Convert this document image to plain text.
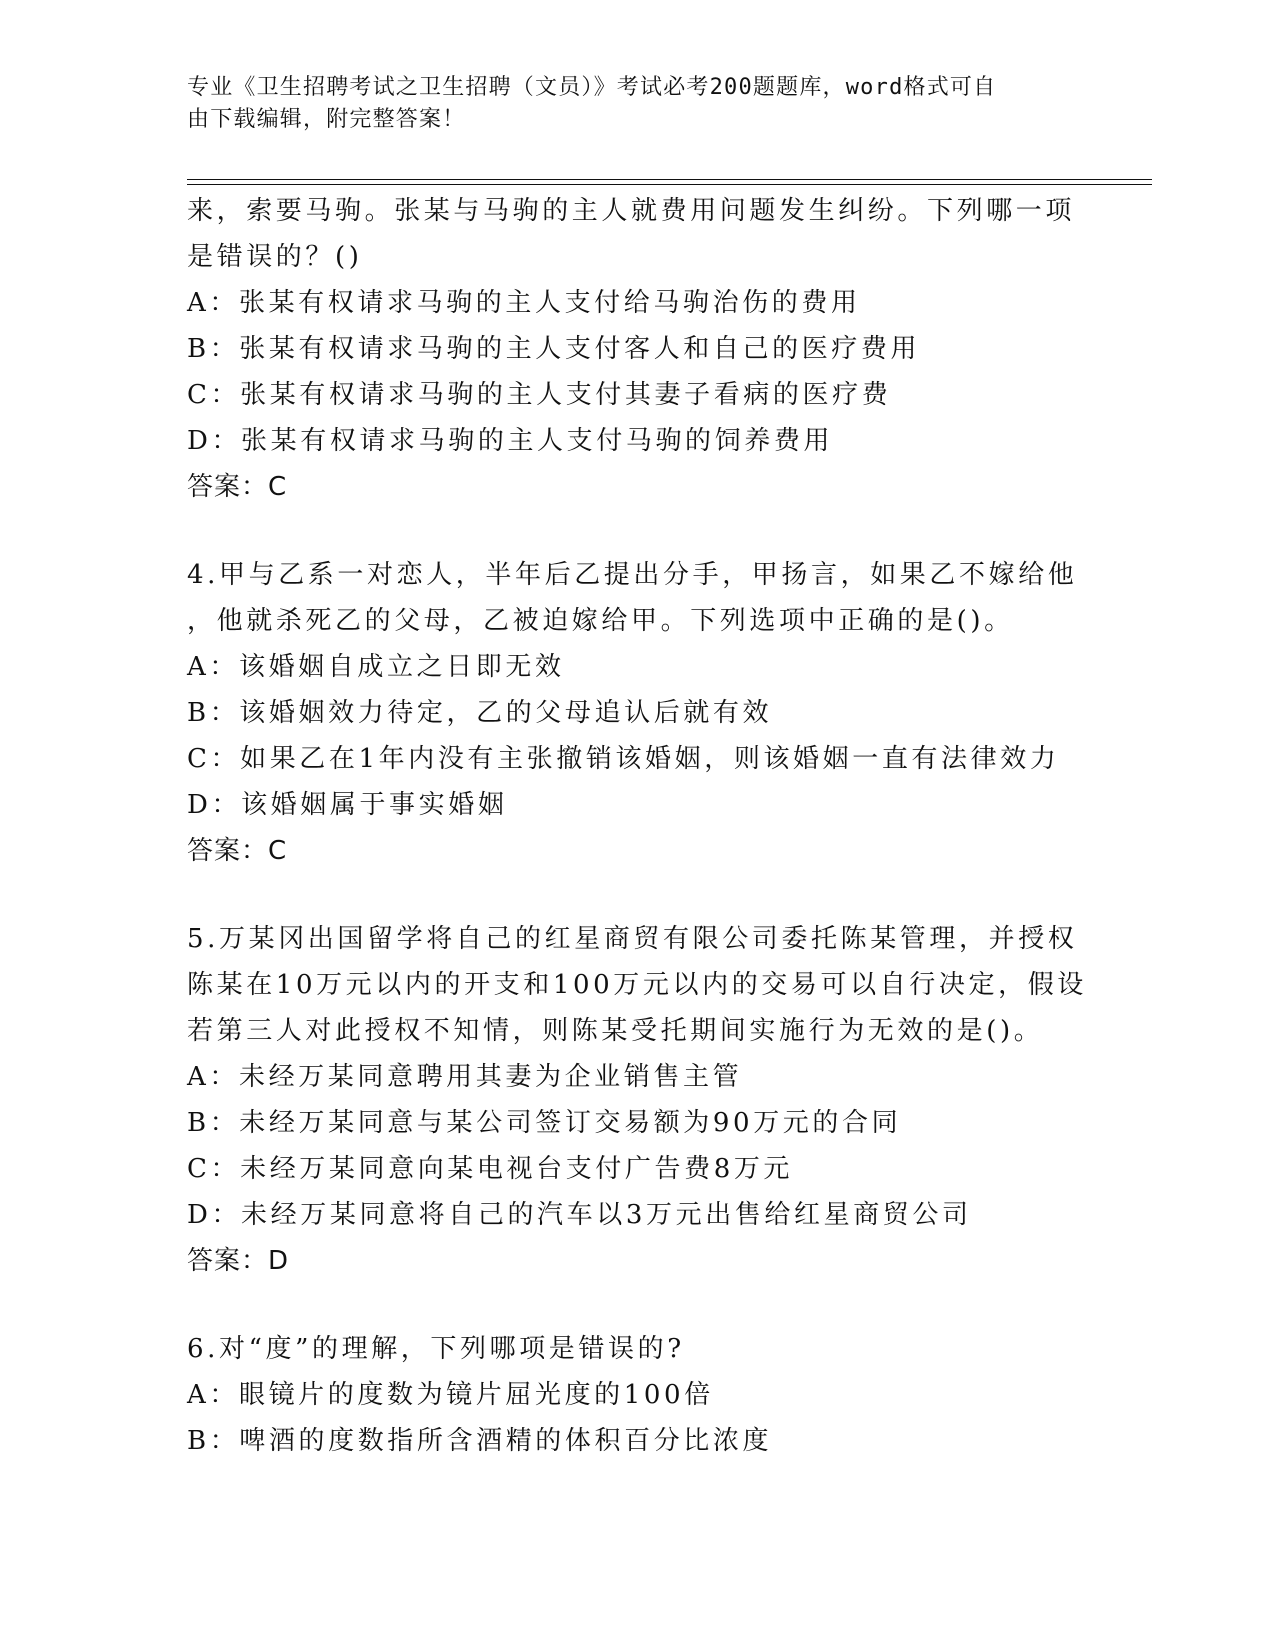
专业《卫生招聘考试之卫生招聘（文员）》考试必考200题题库，word格式可自
由下载编辑，附完整答案！
来，索要马驹。张某与马驹的主人就费用问题发生纠纷。下列哪一项
是错误的？()
A：张某有权请求马驹的主人支付给马驹治伤的费用
B：张某有权请求马驹的主人支付客人和自己的医疗费用
C：张某有权请求马驹的主人支付其妻子看病的医疗费
D：张某有权请求马驹的主人支付马驹的饲养费用
答案：C
4.甲与乙系一对恋人，半年后乙提出分手，甲扬言，如果乙不嫁给他
，他就杀死乙的父母，乙被迫嫁给甲。下列选项中正确的是()。
A：该婚姻自成立之日即无效
B：该婚姻效力待定，乙的父母追认后就有效
C：如果乙在1年内没有主张撤销该婚姻，则该婚姻一直有法律效力
D：该婚姻属于事实婚姻
答案：C
5.万某冈出国留学将自己的红星商贸有限公司委托陈某管理，并授权
陈某在10万元以内的开支和100万元以内的交易可以自行决定，假设
若第三人对此授权不知情，则陈某受托期间实施行为无效的是()。
A：未经万某同意聘用其妻为企业销售主管
B：未经万某同意与某公司签订交易额为90万元的合同
C：未经万某同意向某电视台支付广告费8万元
D：未经万某同意将自己的汽车以3万元出售给红星商贸公司
答案：D
6.对“度”的理解，下列哪项是错误的?
A：眼镜片的度数为镜片屈光度的100倍
B：啤酒的度数指所含酒精的体积百分比浓度
